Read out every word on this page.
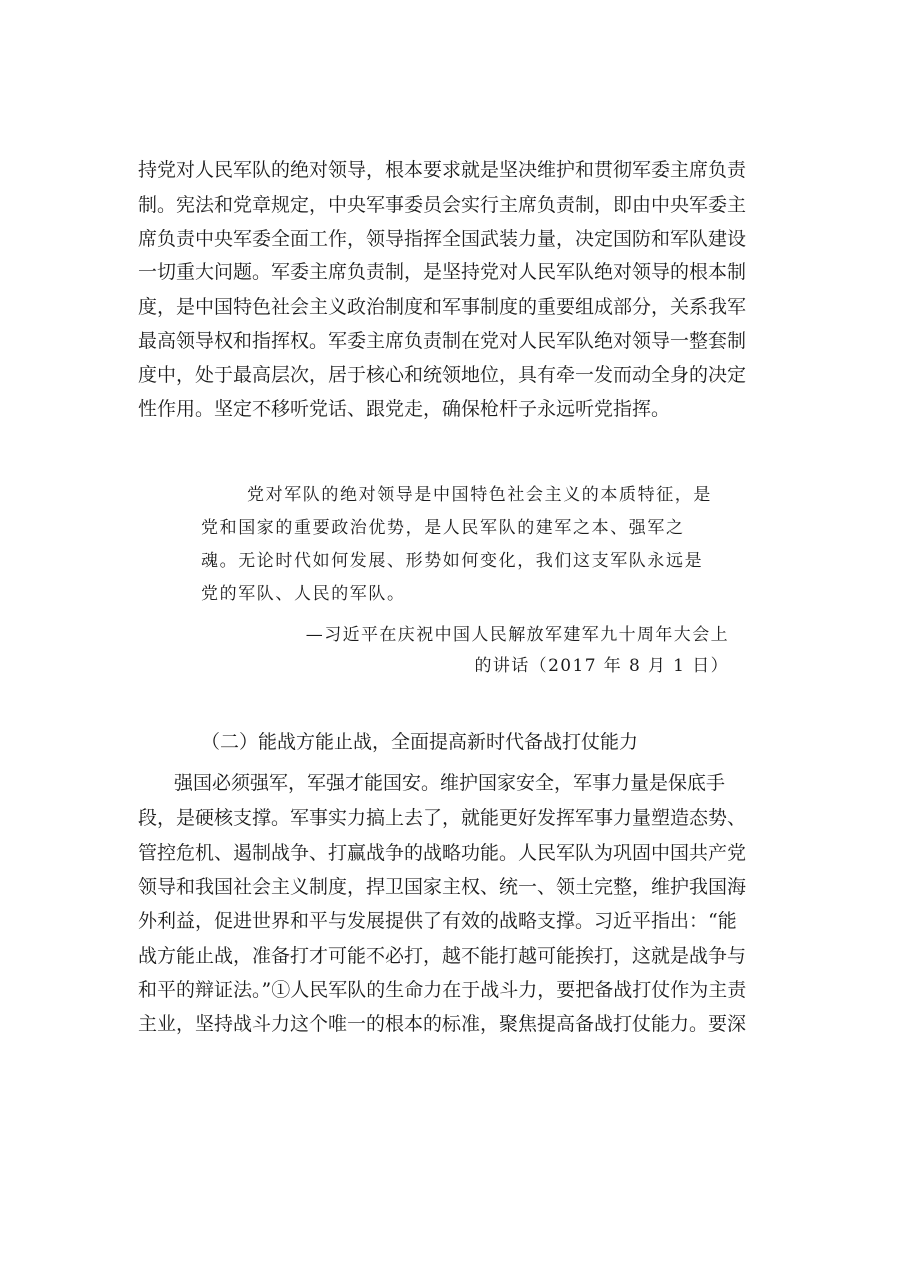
持党对人民军队的绝对领导，根本要求就是坚决维护和贯彻军委主席负责
制。宪法和党章规定，中央军事委员会实行主席负责制，即由中央军委主
席负责中央军委全面工作，领导指挥全国武装力量，决定国防和军队建设
一切重大问题。军委主席负责制，是坚持党对人民军队绝对领导的根本制
度，是中国特色社会主义政治制度和军事制度的重要组成部分，关系我军
最高领导权和指挥权。军委主席负责制在党对人民军队绝对领导一整套制
度中，处于最高层次，居于核心和统领地位，具有牵一发而动全身的决定
性作用。坚定不移听党话、跟党走，确保枪杆子永远听党指挥。
党对军队的绝对领导是中国特色社会主义的本质特征，是
党和国家的重要政治优势，是人民军队的建军之本、强军之
魂。无论时代如何发展、形势如何变化，我们这支军队永远是
党的军队、人民的军队。
—习近平在庆祝中国人民解放军建军九十周年大会上
的讲话（2017 年 8 月 1 日）
（二）能战方能止战，全面提高新时代备战打仗能力
强国必须强军，军强才能国安。维护国家安全，军事力量是保底手
段，是硬核支撑。军事实力搞上去了，就能更好发挥军事力量塑造态势、
管控危机、遏制战争、打赢战争的战略功能。人民军队为巩固中国共产党
领导和我国社会主义制度，捍卫国家主权、统一、领土完整，维护我国海
外利益，促进世界和平与发展提供了有效的战略支撑。习近平指出：“能
战方能止战，准备打才可能不必打，越不能打越可能挨打，这就是战争与
和平的辩证法。”①人民军队的生命力在于战斗力，要把备战打仗作为主责
主业，坚持战斗力这个唯一的根本的标准，聚焦提高备战打仗能力。要深
